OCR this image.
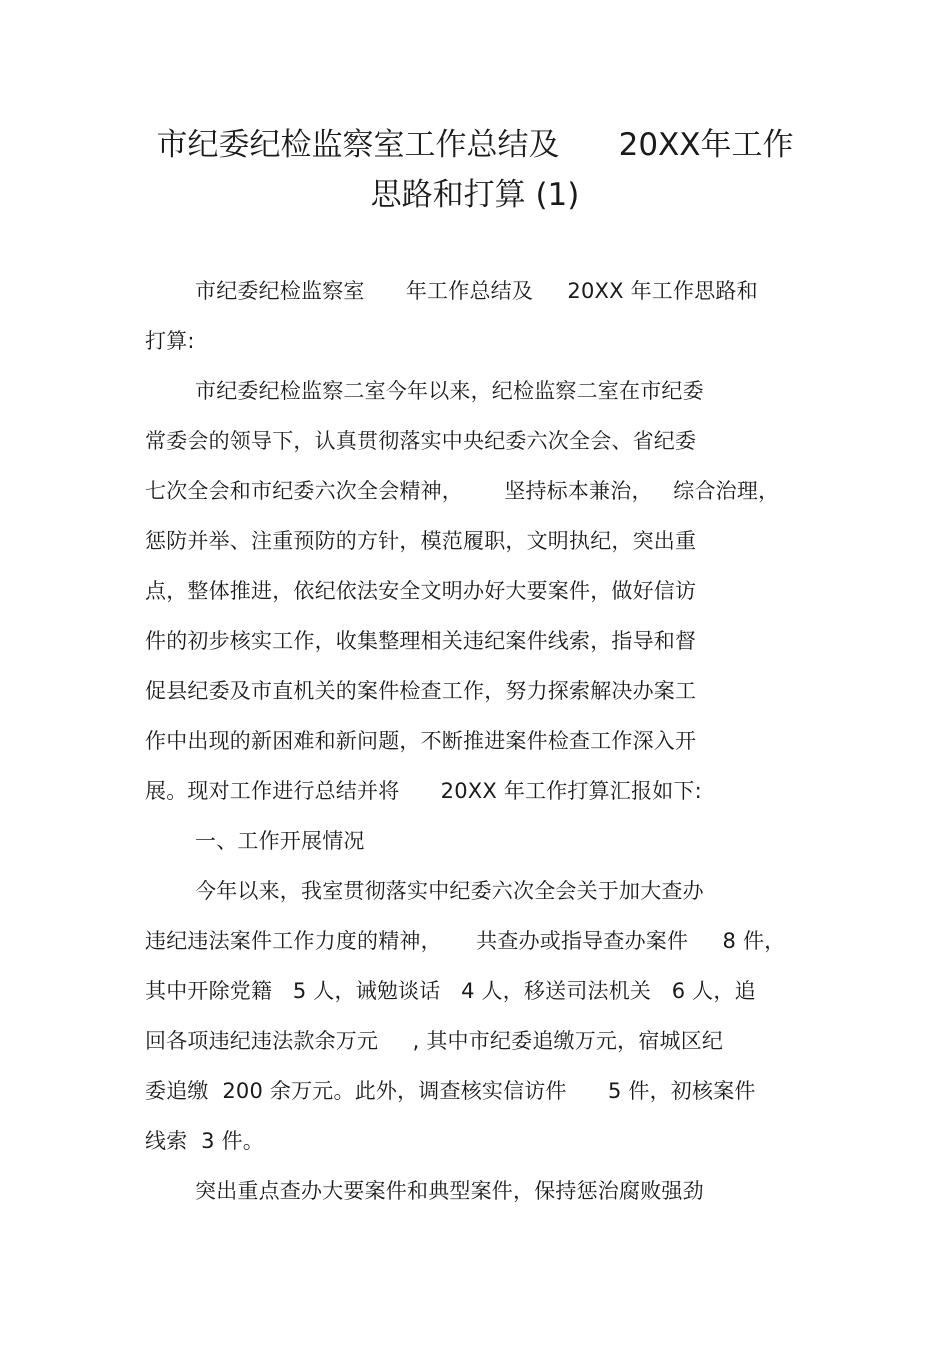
市纪委纪检监察室工作总结及      20XX年工作
思路和打算 (1)
市纪委纪检监察室      年工作总结及     20XX 年工作思路和
打算:
市纪委纪检监察二室今年以来，纪检监察二室在市纪委
常委会的领导下，认真贯彻落实中央纪委六次全会、省纪委
七次全会和市纪委六次全会精神，      坚持标本兼治，   综合治理，
惩防并举、注重预防的方针，模范履职，文明执纪，突出重
点，整体推进，依纪依法安全文明办好大要案件，做好信访
件的初步核实工作，收集整理相关违纪案件线索，指导和督
促县纪委及市直机关的案件检查工作，努力探索解决办案工
作中出现的新困难和新问题，不断推进案件检查工作深入开
展。现对工作进行总结并将      20XX 年工作打算汇报如下:
一、工作开展情况
今年以来，我室贯彻落实中纪委六次全会关于加大查办
违纪违法案件工作力度的精神，     共查办或指导查办案件     8 件，
其中开除党籍   5 人，诫勉谈话   4 人，移送司法机关   6 人，追
回各项违纪违法款余万元     , 其中市纪委追缴万元，宿城区纪
委追缴  200 余万元。此外，调查核实信访件      5 件，初核案件
线索  3 件。
突出重点查办大要案件和典型案件，保持惩治腐败强劲
